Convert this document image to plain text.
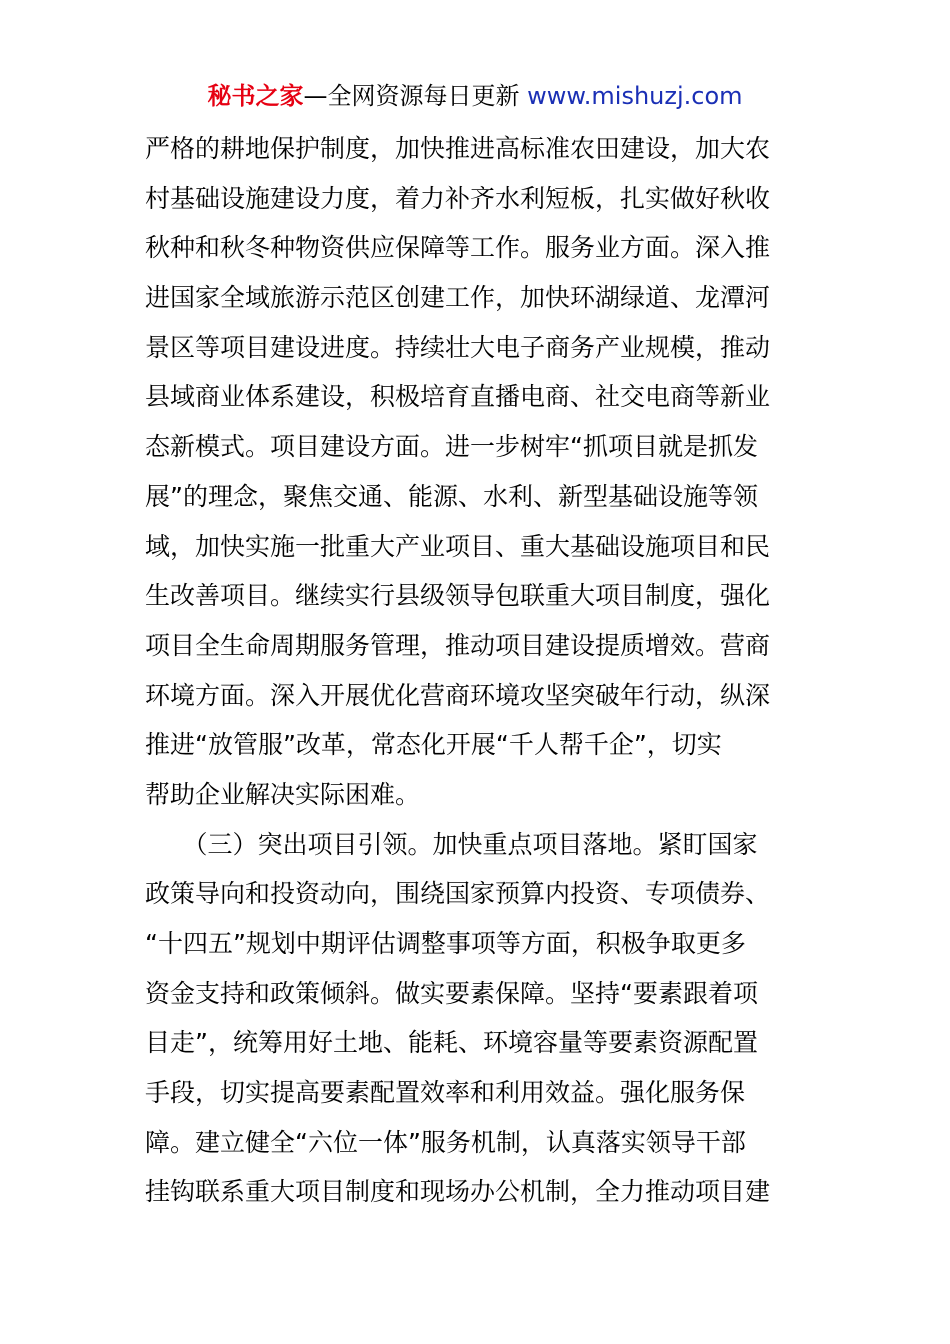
秘书之家—全网资源每日更新 www.mishuzj.com
严格的耕地保护制度，加快推进高标准农田建设，加大农
村基础设施建设力度，着力补齐水利短板，扎实做好秋收
秋种和秋冬种物资供应保障等工作。服务业方面。深入推
进国家全域旅游示范区创建工作，加快环湖绿道、龙潭河
景区等项目建设进度。持续壮大电子商务产业规模，推动
县域商业体系建设，积极培育直播电商、社交电商等新业
态新模式。项目建设方面。进一步树牢“抓项目就是抓发
展”的理念，聚焦交通、能源、水利、新型基础设施等领
域，加快实施一批重大产业项目、重大基础设施项目和民
生改善项目。继续实行县级领导包联重大项目制度，强化
项目全生命周期服务管理，推动项目建设提质增效。营商
环境方面。深入开展优化营商环境攻坚突破年行动，纵深
推进“放管服”改革，常态化开展“千人帮千企”，切实
帮助企业解决实际困难。
　　（三）突出项目引领。加快重点项目落地。紧盯国家
政策导向和投资动向，围绕国家预算内投资、专项债券、
“十四五”规划中期评估调整事项等方面，积极争取更多
资金支持和政策倾斜。做实要素保障。坚持“要素跟着项
目走”，统筹用好土地、能耗、环境容量等要素资源配置
手段，切实提高要素配置效率和利用效益。强化服务保
障。建立健全“六位一体”服务机制，认真落实领导干部
挂钩联系重大项目制度和现场办公机制，全力推动项目建
